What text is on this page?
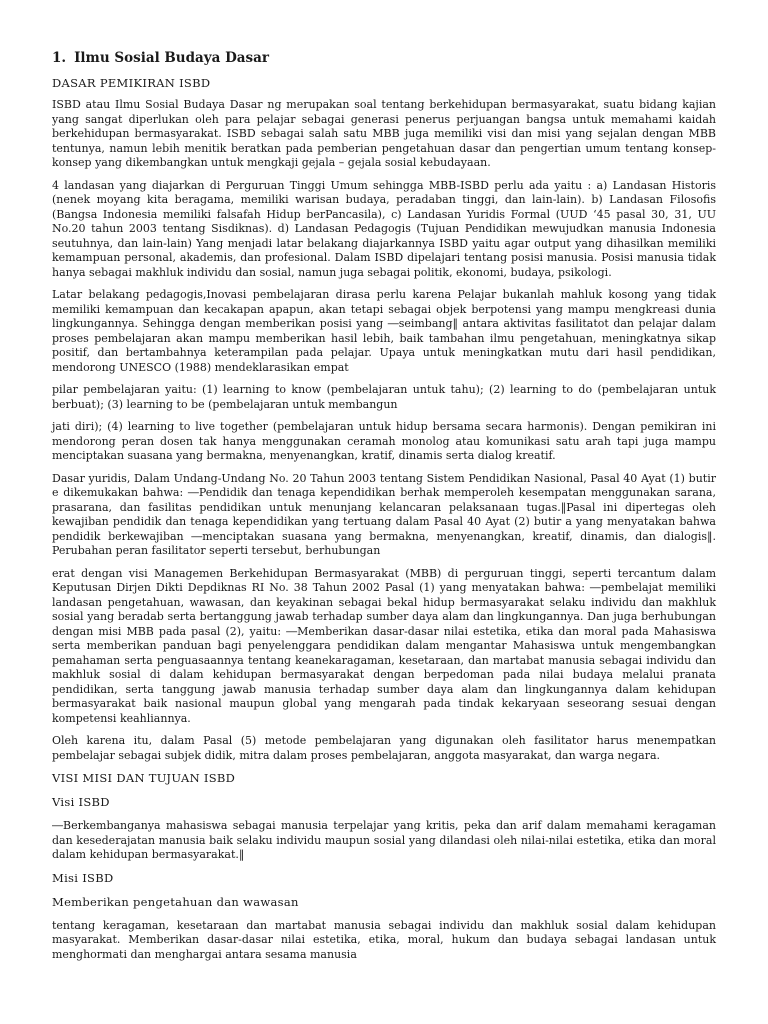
1. Ilmu Sosial Budaya Dasar
DASAR PEMIKIRAN ISBD

ISBD atau Ilmu Sosial Budaya Dasar ng merupakan soal tentang berkehidupan bermasyarakat, suatu bidang kajian yang sangat diperlukan oleh para pelajar sebagai generasi penerus perjuangan bangsa untuk memahami kaidah berkehidupan bermasyarakat. ISBD sebagai salah satu MBB juga memiliki visi dan misi yang sejalan dengan MBB tentunya, namun lebih menitik beratkan pada pemberian pengetahuan dasar dan pengertian umum tentang konsep-konsep yang dikembangkan untuk mengkaji gejala – gejala sosial kebudayaan.

4 landasan yang diajarkan di Perguruan Tinggi Umum sehingga MBB-ISBD perlu ada yaitu : a) Landasan Historis (nenek moyang kita beragama, memiliki warisan budaya, peradaban tinggi, dan lain-lain). b) Landasan Filosofis (Bangsa Indonesia memiliki falsafah Hidup berPancasila), c) Landasan Yuridis Formal (UUD ‘45 pasal 30, 31, UU No.20 tahun 2003 tentang Sisdiknas). d) Landasan Pedagogis (Tujuan Pendidikan mewujudkan manusia Indonesia seutuhnya, dan lain-lain) Yang menjadi latar belakang diajarkannya ISBD yaitu agar output yang dihasilkan memiliki kemampuan personal, akademis, dan profesional. Dalam ISBD dipelajari tentang posisi manusia. Posisi manusia tidak hanya sebagai makhluk individu dan sosial, namun juga sebagai politik, ekonomi, budaya, psikologi.

Latar belakang pedagogis,Inovasi pembelajaran dirasa perlu karena Pelajar bukanlah mahluk kosong yang tidak memiliki kemampuan dan kecakapan apapun, akan tetapi sebagai objek berpotensi yang mampu mengkreasi dunia lingkungannya. Sehingga dengan memberikan posisi yang ―seimbang‖ antara aktivitas fasilitatot dan pelajar dalam proses pembelajaran akan mampu memberikan hasil lebih, baik tambahan ilmu pengetahuan, meningkatnya sikap positif, dan bertambahnya keterampilan pada pelajar. Upaya untuk meningkatkan mutu dari hasil pendidikan, mendorong UNESCO (1988) mendeklarasikan empat

pilar pembelajaran yaitu: (1) learning to know (pembelajaran untuk tahu); (2) learning to do (pembelajaran untuk berbuat); (3) learning to be (pembelajaran untuk membangun

jati diri); (4) learning to live together (pembelajaran untuk hidup bersama secara harmonis). Dengan pemikiran ini mendorong peran dosen tak hanya menggunakan ceramah monolog atau komunikasi satu arah tapi juga mampu menciptakan suasana yang bermakna, menyenangkan, kratif, dinamis serta dialog kreatif.

Dasar yuridis, Dalam Undang-Undang No. 20 Tahun 2003 tentang Sistem Pendidikan Nasional, Pasal 40 Ayat (1) butir e dikemukakan bahwa: ―Pendidik dan tenaga kependidikan berhak memperoleh kesempatan menggunakan sarana, prasarana, dan fasilitas pendidikan untuk menunjang kelancaran pelaksanaan tugas.‖Pasal ini dipertegas oleh kewajiban pendidik dan tenaga kependidikan yang tertuang dalam Pasal 40 Ayat (2) butir a yang menyatakan bahwa pendidik berkewajiban ―menciptakan suasana yang bermakna, menyenangkan, kreatif, dinamis, dan dialogis‖. Perubahan peran fasilitator seperti tersebut, berhubungan

erat dengan visi Managemen Berkehidupan Bermasyarakat (MBB) di perguruan tinggi, seperti tercantum dalam Keputusan Dirjen Dikti Depdiknas RI No. 38 Tahun 2002 Pasal (1) yang menyatakan bahwa: ―pembelajat memiliki landasan pengetahuan, wawasan, dan keyakinan sebagai bekal hidup bermasyarakat selaku individu dan makhluk sosial yang beradab serta bertanggung jawab terhadap sumber daya alam dan lingkungannya. Dan juga berhubungan dengan misi MBB pada pasal (2), yaitu: ―Memberikan dasar-dasar nilai estetika, etika dan moral pada Mahasiswa serta memberikan panduan bagi penyelenggara pendidikan dalam mengantar Mahasiswa untuk mengembangkan pemahaman serta penguasaannya tentang keanekaragaman, kesetaraan, dan martabat manusia sebagai individu dan makhluk sosial di dalam kehidupan bermasyarakat dengan berpedoman pada nilai budaya melalui pranata pendidikan, serta tanggung jawab manusia terhadap sumber daya alam dan lingkungannya dalam kehidupan bermasyarakat baik nasional maupun global yang mengarah pada tindak kekaryaan seseorang sesuai dengan kompetensi keahliannya.

Oleh karena itu, dalam Pasal (5) metode pembelajaran yang digunakan oleh fasilitator harus menempatkan pembelajar sebagai subjek didik, mitra dalam proses pembelajaran, anggota masyarakat, dan warga negara.

VISI MISI DAN TUJUAN ISBD
Visi ISBD

―Berkembanganya mahasiswa sebagai manusia terpelajar yang kritis, peka dan arif dalam memahami keragaman dan kesederajatan manusia baik selaku individu maupun sosial yang dilandasi oleh nilai-nilai estetika, etika dan moral dalam kehidupan bermasyarakat.‖

Misi ISBD
Memberikan pengetahuan dan wawasan

tentang keragaman, kesetaraan dan martabat manusia sebagai individu dan makhluk sosial dalam kehidupan masyarakat. Memberikan dasar-dasar nilai estetika, etika, moral, hukum dan budaya sebagai landasan untuk menghormati dan menghargai antara sesama manusia
